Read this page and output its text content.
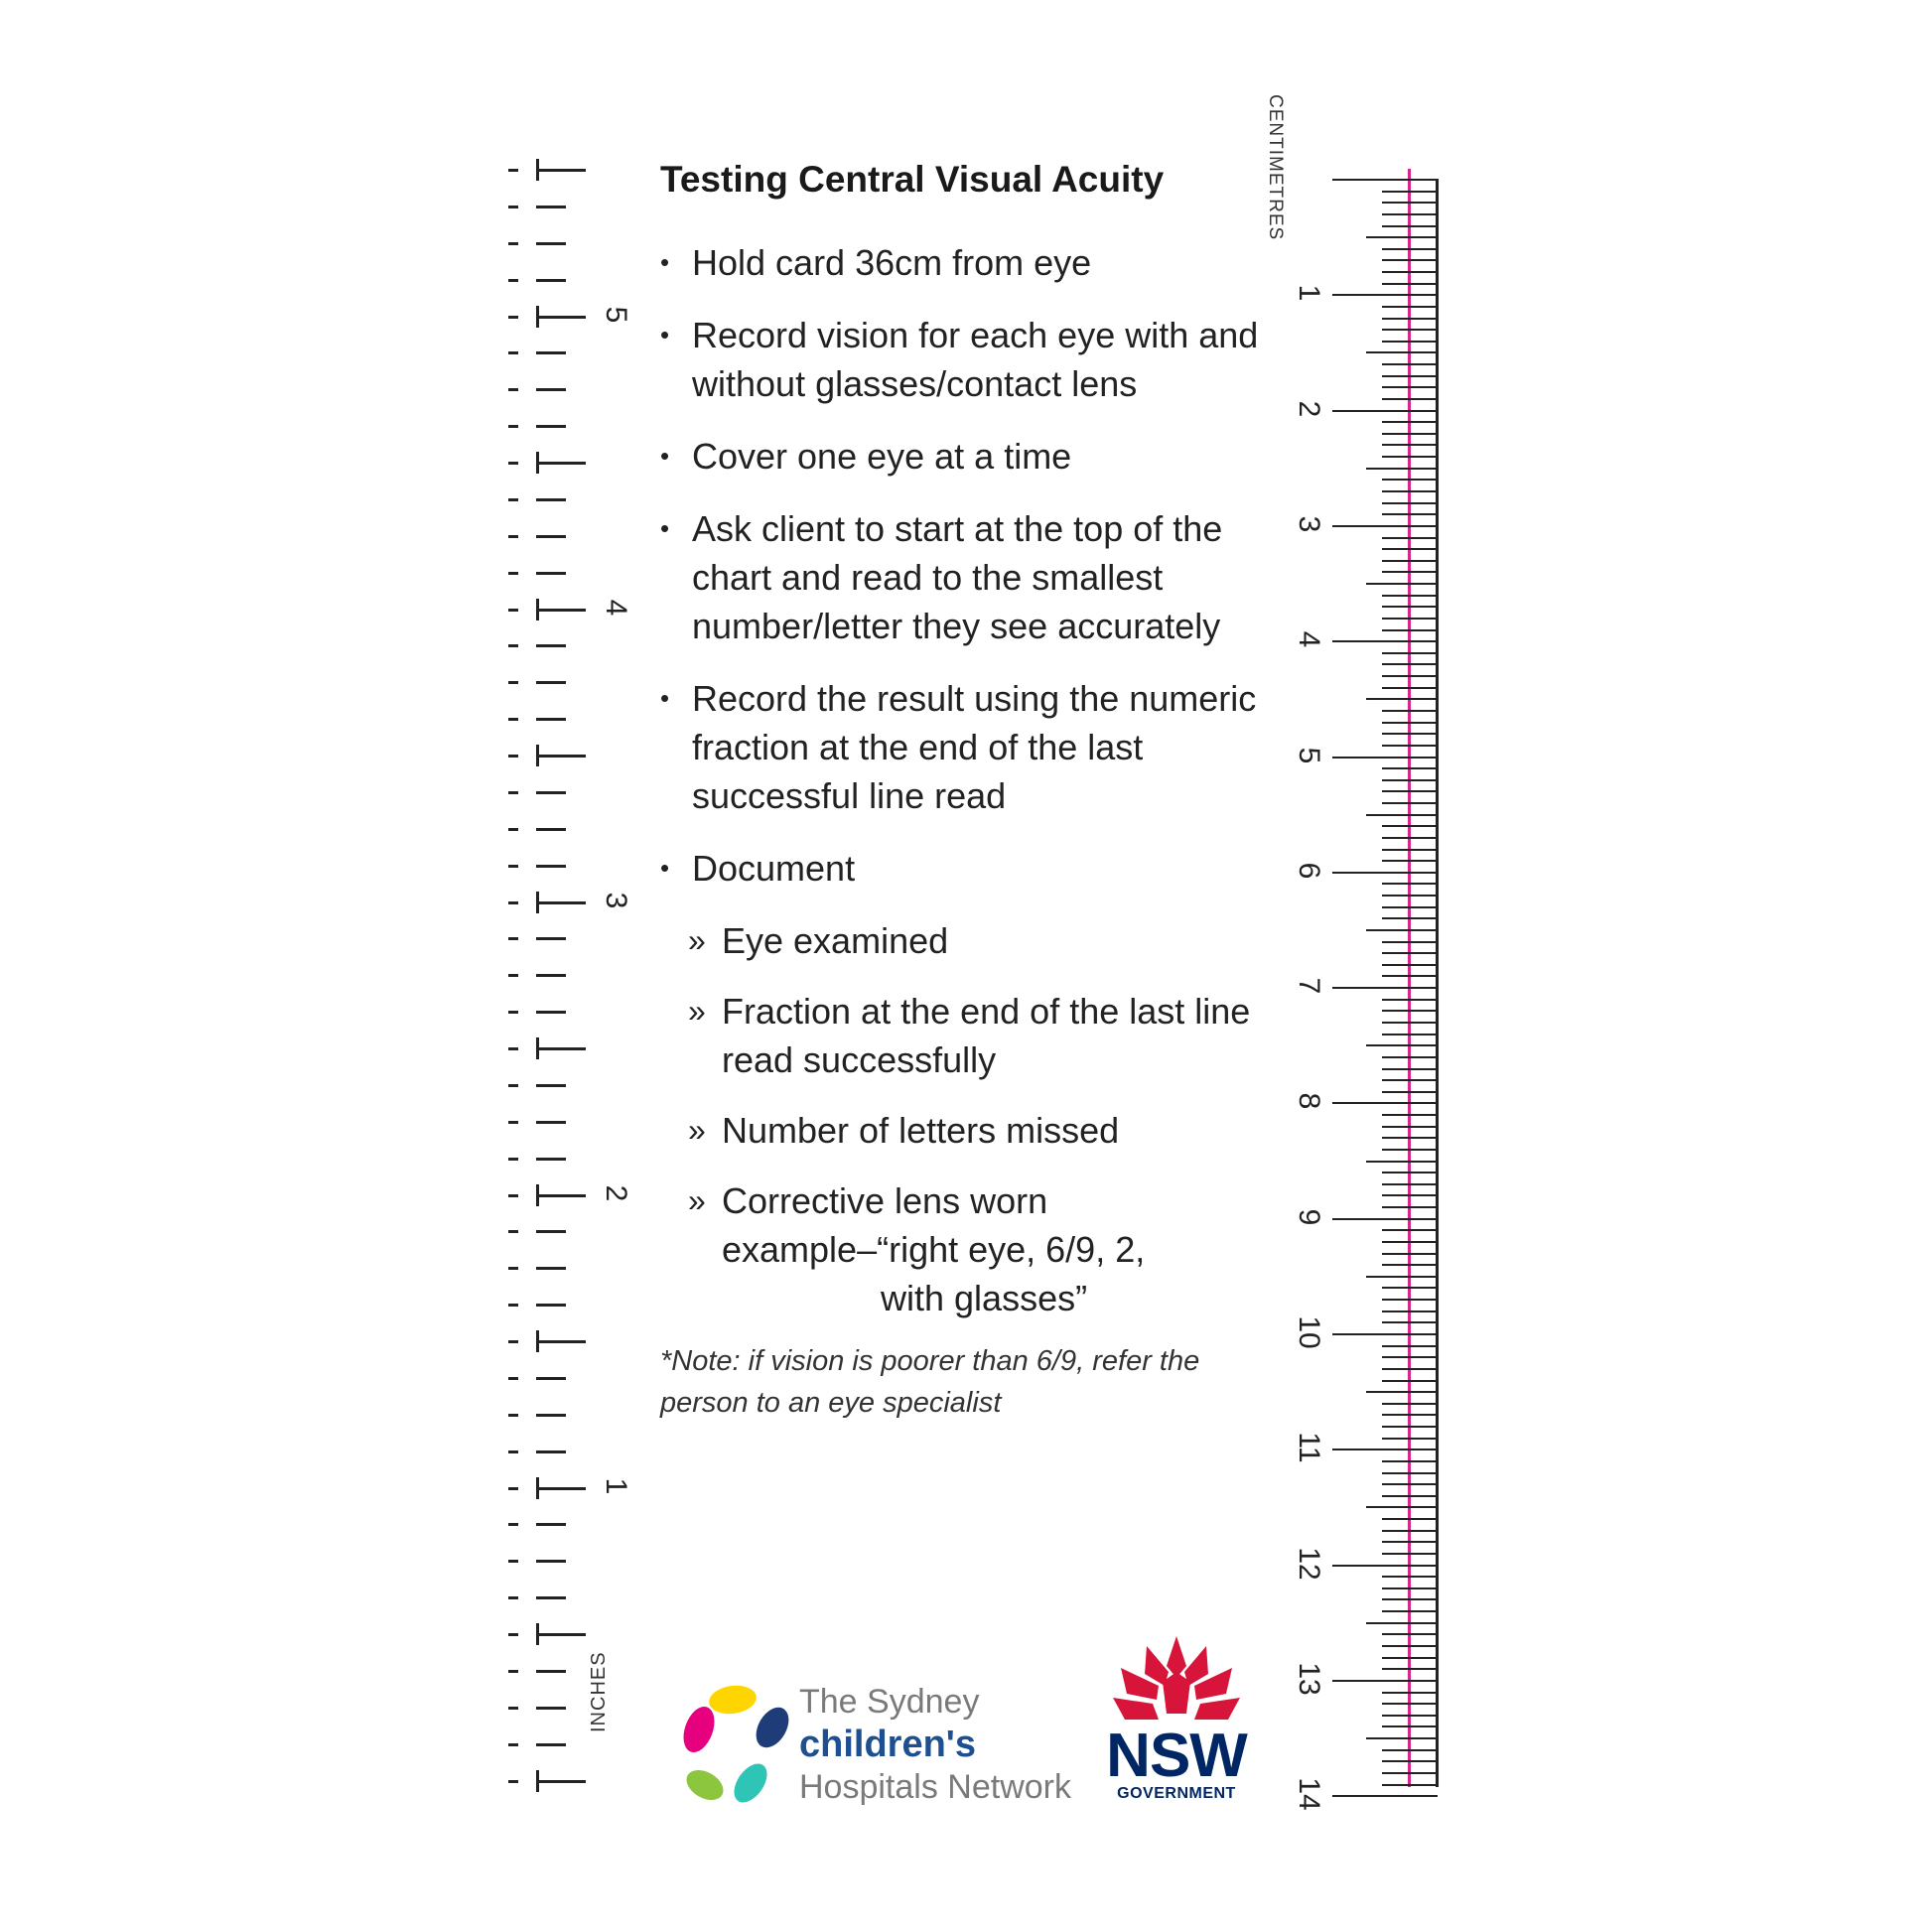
5
4
3
2
1
INCHES
Testing Central Visual Acuity
• Hold card 36cm from eye
• Record vision for each eye with and without glasses/contact lens
• Cover one eye at a time
• Ask client to start at the top of the chart and read to the smallest number/letter they see accurately
• Record the result using the numeric fraction at the end of the last successful line read
• Document
» Eye examined
» Fraction at the end of the last line read successfully
» Number of letters missed
» Corrective lens worn
example–“right eye, 6/9, 2,
with glasses”

*Note: if vision is poorer than 6/9, refer the person to an eye specialist

CENTIMETRES
1
2
3
4
5
6
7
8
9
10
11
12
13
14
The Sydney
children's
Hospitals Network NSW
GOVERNMENT
